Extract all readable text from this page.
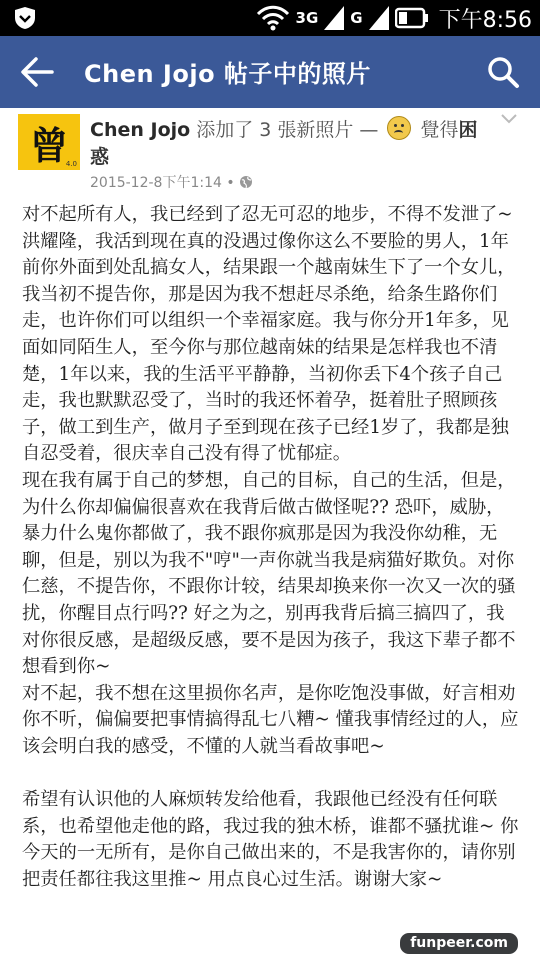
3G G	下午8:56
Chen Jojo 帖子中的照片
曾
4.0
Chen Jojo 添加了 3 張新照片 —
覺得困惑
2015-12-8下午1:14 •
对不起所有人，我已经到了忍无可忍的地步，不得不发泄了~
洪耀隆，我活到现在真的没遇过像你这么不要脸的男人，1年前你外面到处乱搞女人，结果跟一个越南妹生下了一个女儿，我当初不提告你，那是因为我不想赶尽杀绝，给条生路你们走，也许你们可以组织一个幸福家庭。我与你分开1年多，见面如同陌生人，至今你与那位越南妹的结果是怎样我也不清楚，1年以来，我的生活平平静静，当初你丢下4个孩子自己走，我也默默忍受了，当时的我还怀着孕，挺着肚子照顾孩子，做工到生产，做月子至到现在孩子已经1岁了，我都是独自忍受着，很庆幸自己没有得了忧郁症。
现在我有属于自己的梦想，自己的目标，自己的生活，但是，为什么你却偏偏很喜欢在我背后做古做怪呢?? 恐吓，威胁，暴力什么鬼你都做了，我不跟你疯那是因为我没你幼稚，无聊，但是，别以为我不"哼"一声你就当我是病猫好欺负。对你仁慈，不提告你，不跟你计较，结果却换来你一次又一次的骚扰，你醒目点行吗?? 好之为之，别再我背后搞三搞四了，我对你很反感，是超级反感，要不是因为孩子，我这下辈子都不想看到你~
对不起，我不想在这里损你名声，是你吃饱没事做，好言相劝你不听，偏偏要把事情搞得乱七八糟~ 懂我事情经过的人，应该会明白我的感受，不懂的人就当看故事吧~

希望有认识他的人麻烦转发给他看，我跟他已经没有任何联系，也希望他走他的路，我过我的独木桥，谁都不骚扰谁~ 你今天的一无所有，是你自己做出来的，不是我害你的，请你别把责任都往我这里推~ 用点良心过生活。谢谢大家~
funpeer.com
